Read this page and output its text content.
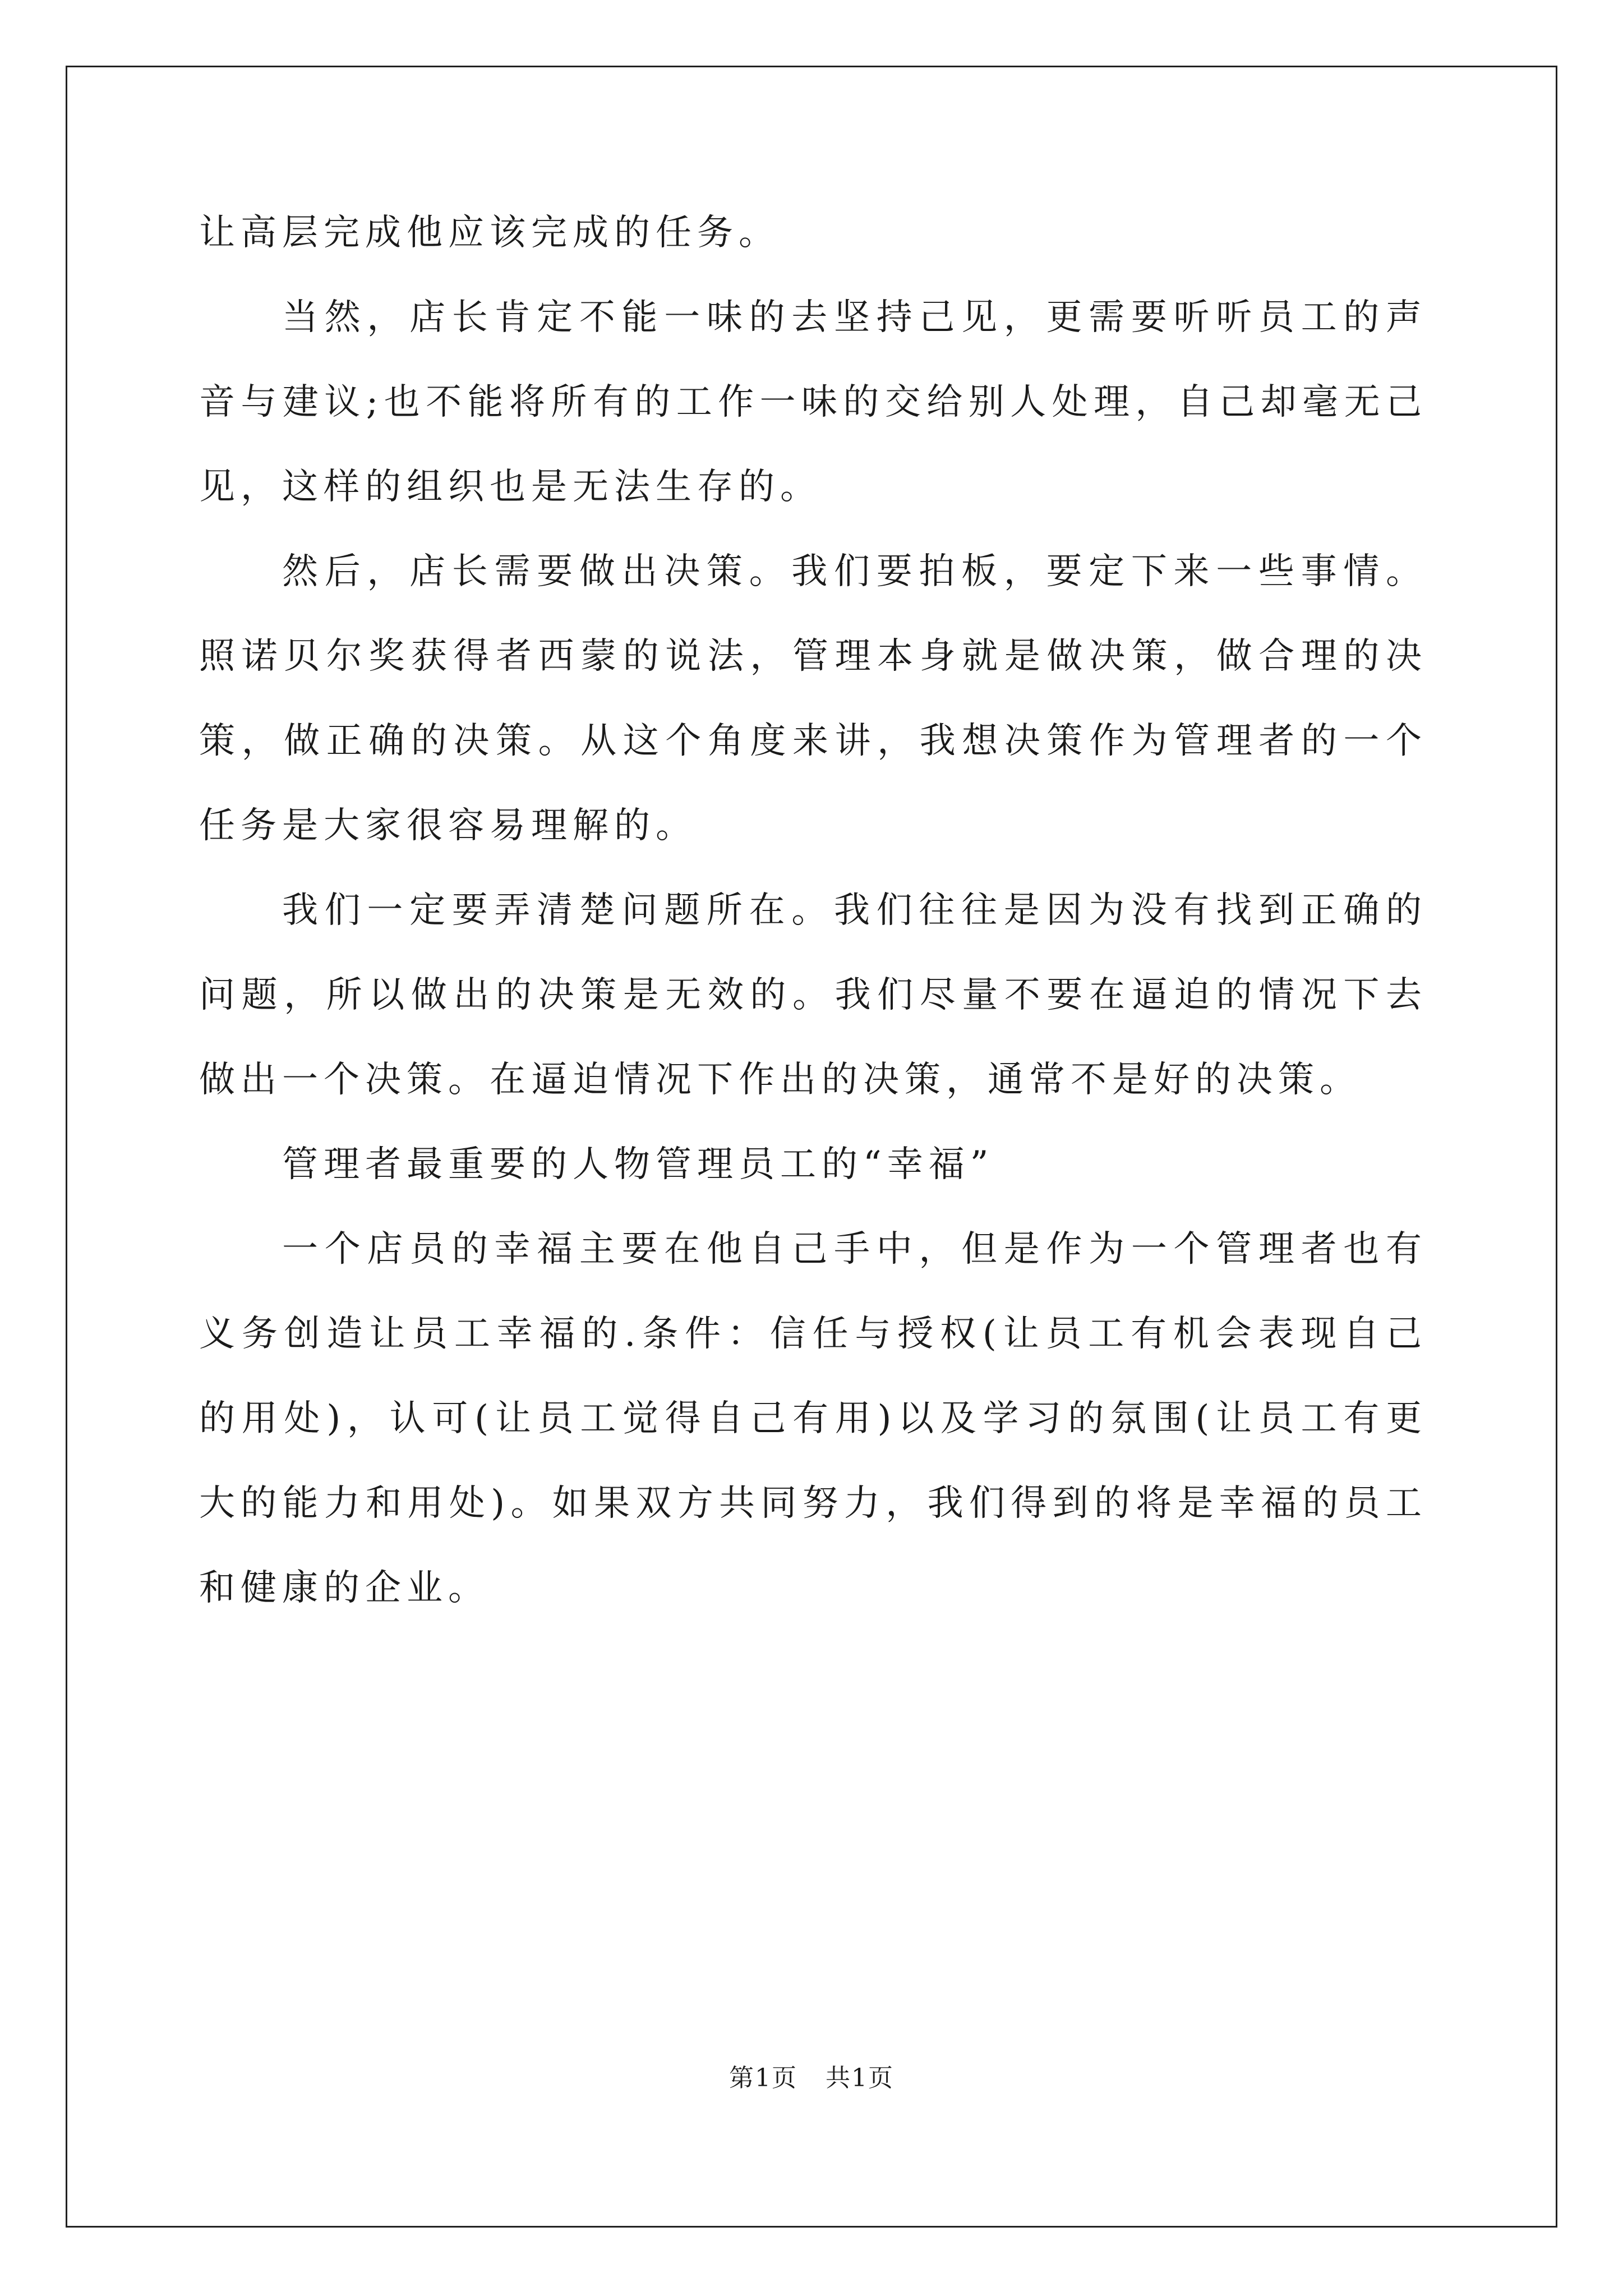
让高层完成他应该完成的任务。

当然，店长肯定不能一味的去坚持己见，更需要听听员工的声音与建议;也不能将所有的工作一味的交给别人处理，自己却毫无己见，这样的组织也是无法生存的。

然后，店长需要做出决策。我们要拍板，要定下来一些事情。照诺贝尔奖获得者西蒙的说法，管理本身就是做决策，做合理的决策，做正确的决策。从这个角度来讲，我想决策作为管理者的一个任务是大家很容易理解的。

我们一定要弄清楚问题所在。我们往往是因为没有找到正确的问题，所以做出的决策是无效的。我们尽量不要在逼迫的情况下去做出一个决策。在逼迫情况下作出的决策，通常不是好的决策。

管理者最重要的人物管理员工的“幸福”

一个店员的幸福主要在他自己手中，但是作为一个管理者也有义务创造让员工幸福的.条件：信任与授权(让员工有机会表现自己的用处)，认可(让员工觉得自己有用)以及学习的氛围(让员工有更大的能力和用处)。如果双方共同努力，我们得到的将是幸福的员工和健康的企业。

第1页 共1页
